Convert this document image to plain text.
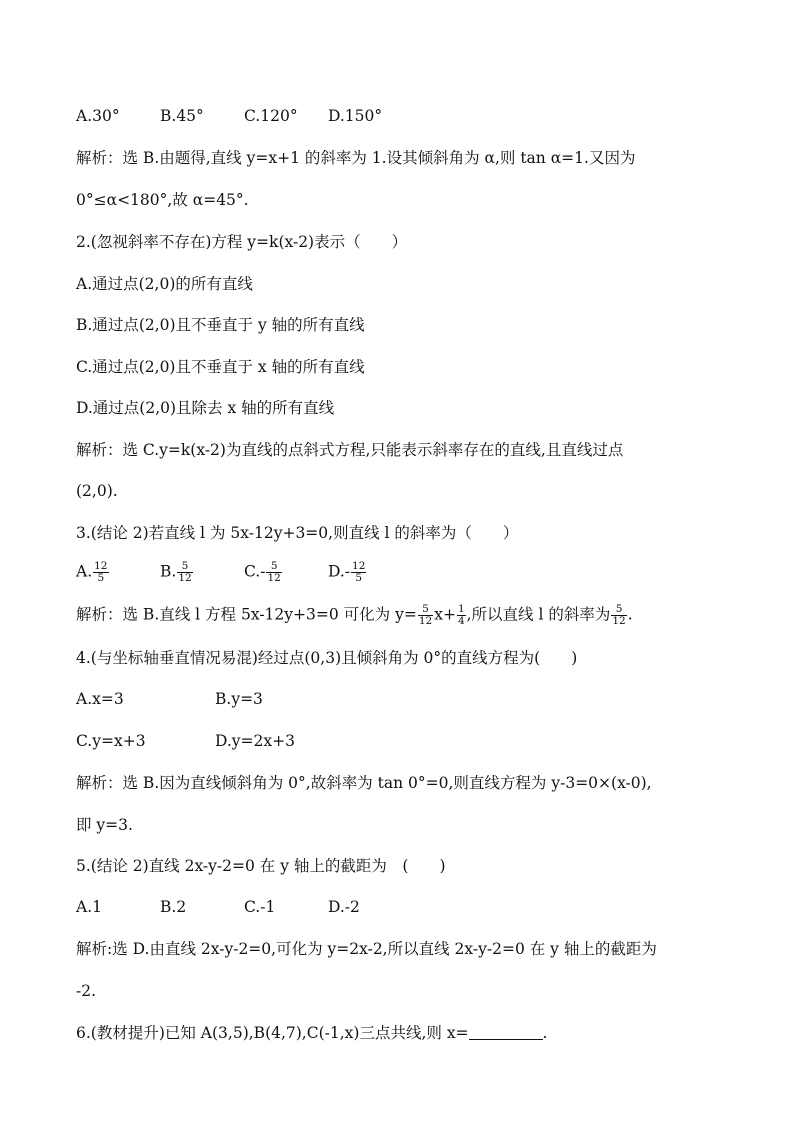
A.30°	B.45°	C.120° D.150°
解析：选 B.由题得,直线 y=x+1 的斜率为 1.设其倾斜角为 α,则 tan α=1.又因为
0°≤α<180°,故 α=45°.
2.(忽视斜率不存在)方程 y=k(x-2)表示（　　）
A.通过点(2,0)的所有直线
B.通过点(2,0)且不垂直于 y 轴的所有直线
C.通过点(2,0)且不垂直于 x 轴的所有直线
D.通过点(2,0)且除去 x 轴的所有直线
解析：选 C.y=k(x-2)为直线的点斜式方程,只能表示斜率存在的直线,且直线过点
(2,0).
3.(结论 2)若直线 l 为 5x-12y+3=0,则直线 l 的斜率为（　　）
A. $\frac{12}{5}$	B. $\frac{5}{12}$	$C.- \frac{5}{12}$	$D.- \frac{12}{5}$
解析：选 B.直线 l 方程 5x-12y+3=0 可化为 $y= \frac{5}{12} x+ \frac{1}{4}$ ,所以直线 l 的斜率为 $\frac{5}{12}$ .
4.(与坐标轴垂直情况易混)经过点(0,3)且倾斜角为 0°的直线方程为(　　)
A.x=3	B.y=3
C.y=x+3	D.y=2x+3
解析：选 B.因为直线倾斜角为 0°,故斜率为 tan 0°=0,则直线方程为 y-3=0×(x-0),
即 y=3.
5.(结论 2)直线 2x-y-2=0 在 y 轴上的截距为　(　　)
A.1	B.2	C.-1	D.-2
解析:选 D.由直线 2x-y-2=0,可化为 y=2x-2,所以直线 2x-y-2=0 在 y 轴上的截距为
-2.
6.(教材提升)已知 A(3,5),B(4,7),C(-1,x)三点共线,则 x=	.
